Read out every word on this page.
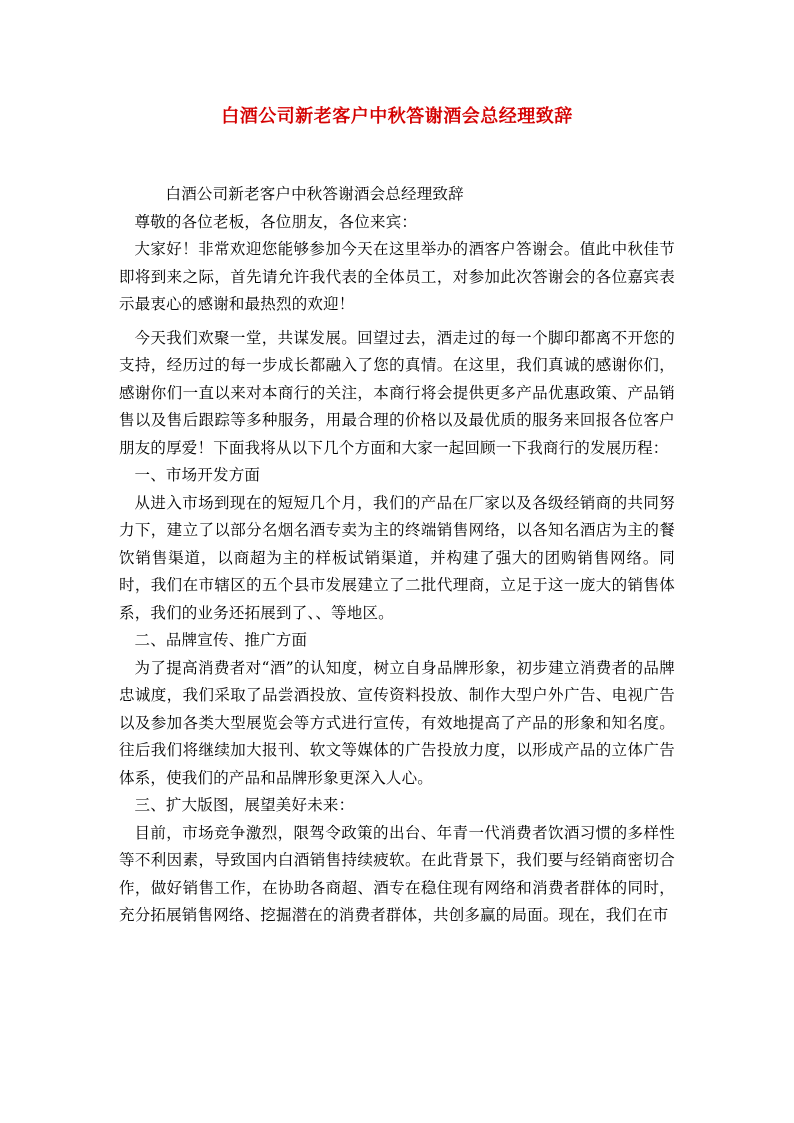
白酒公司新老客户中秋答谢酒会总经理致辞

白酒公司新老客户中秋答谢酒会总经理致辞

尊敬的各位老板，各位朋友，各位来宾：

大家好！非常欢迎您能够参加今天在这里举办的酒客户答谢会。值此中秋佳节即将到来之际，首先请允许我代表的全体员工，对参加此次答谢会的各位嘉宾表示最衷心的感谢和最热烈的欢迎！

今天我们欢聚一堂，共谋发展。回望过去，酒走过的每一个脚印都离不开您的支持，经历过的每一步成长都融入了您的真情。在这里，我们真诚的感谢你们，感谢你们一直以来对本商行的关注，本商行将会提供更多产品优惠政策、产品销售以及售后跟踪等多种服务，用最合理的价格以及最优质的服务来回报各位客户朋友的厚爱！下面我将从以下几个方面和大家一起回顾一下我商行的发展历程：

一、市场开发方面

从进入市场到现在的短短几个月，我们的产品在厂家以及各级经销商的共同努力下，建立了以部分名烟名酒专卖为主的终端销售网络，以各知名酒店为主的餐饮销售渠道，以商超为主的样板试销渠道，并构建了强大的团购销售网络。同时，我们在市辖区的五个县市发展建立了二批代理商，立足于这一庞大的销售体系，我们的业务还拓展到了、、等地区。

二、品牌宣传、推广方面

为了提高消费者对“酒”的认知度，树立自身品牌形象，初步建立消费者的品牌忠诚度，我们采取了品尝酒投放、宣传资料投放、制作大型户外广告、电视广告以及参加各类大型展览会等方式进行宣传，有效地提高了产品的形象和知名度。往后我们将继续加大报刊、软文等媒体的广告投放力度，以形成产品的立体广告体系，使我们的产品和品牌形象更深入人心。

三、扩大版图，展望美好未来：

目前，市场竞争激烈，限驾令政策的出台、年青一代消费者饮酒习惯的多样性等不利因素，导致国内白酒销售持续疲软。在此背景下，我们要与经销商密切合作，做好销售工作，在协助各商超、酒专在稳住现有网络和消费者群体的同时，充分拓展销售网络、挖掘潜在的消费者群体，共创多赢的局面。现在，我们在市
